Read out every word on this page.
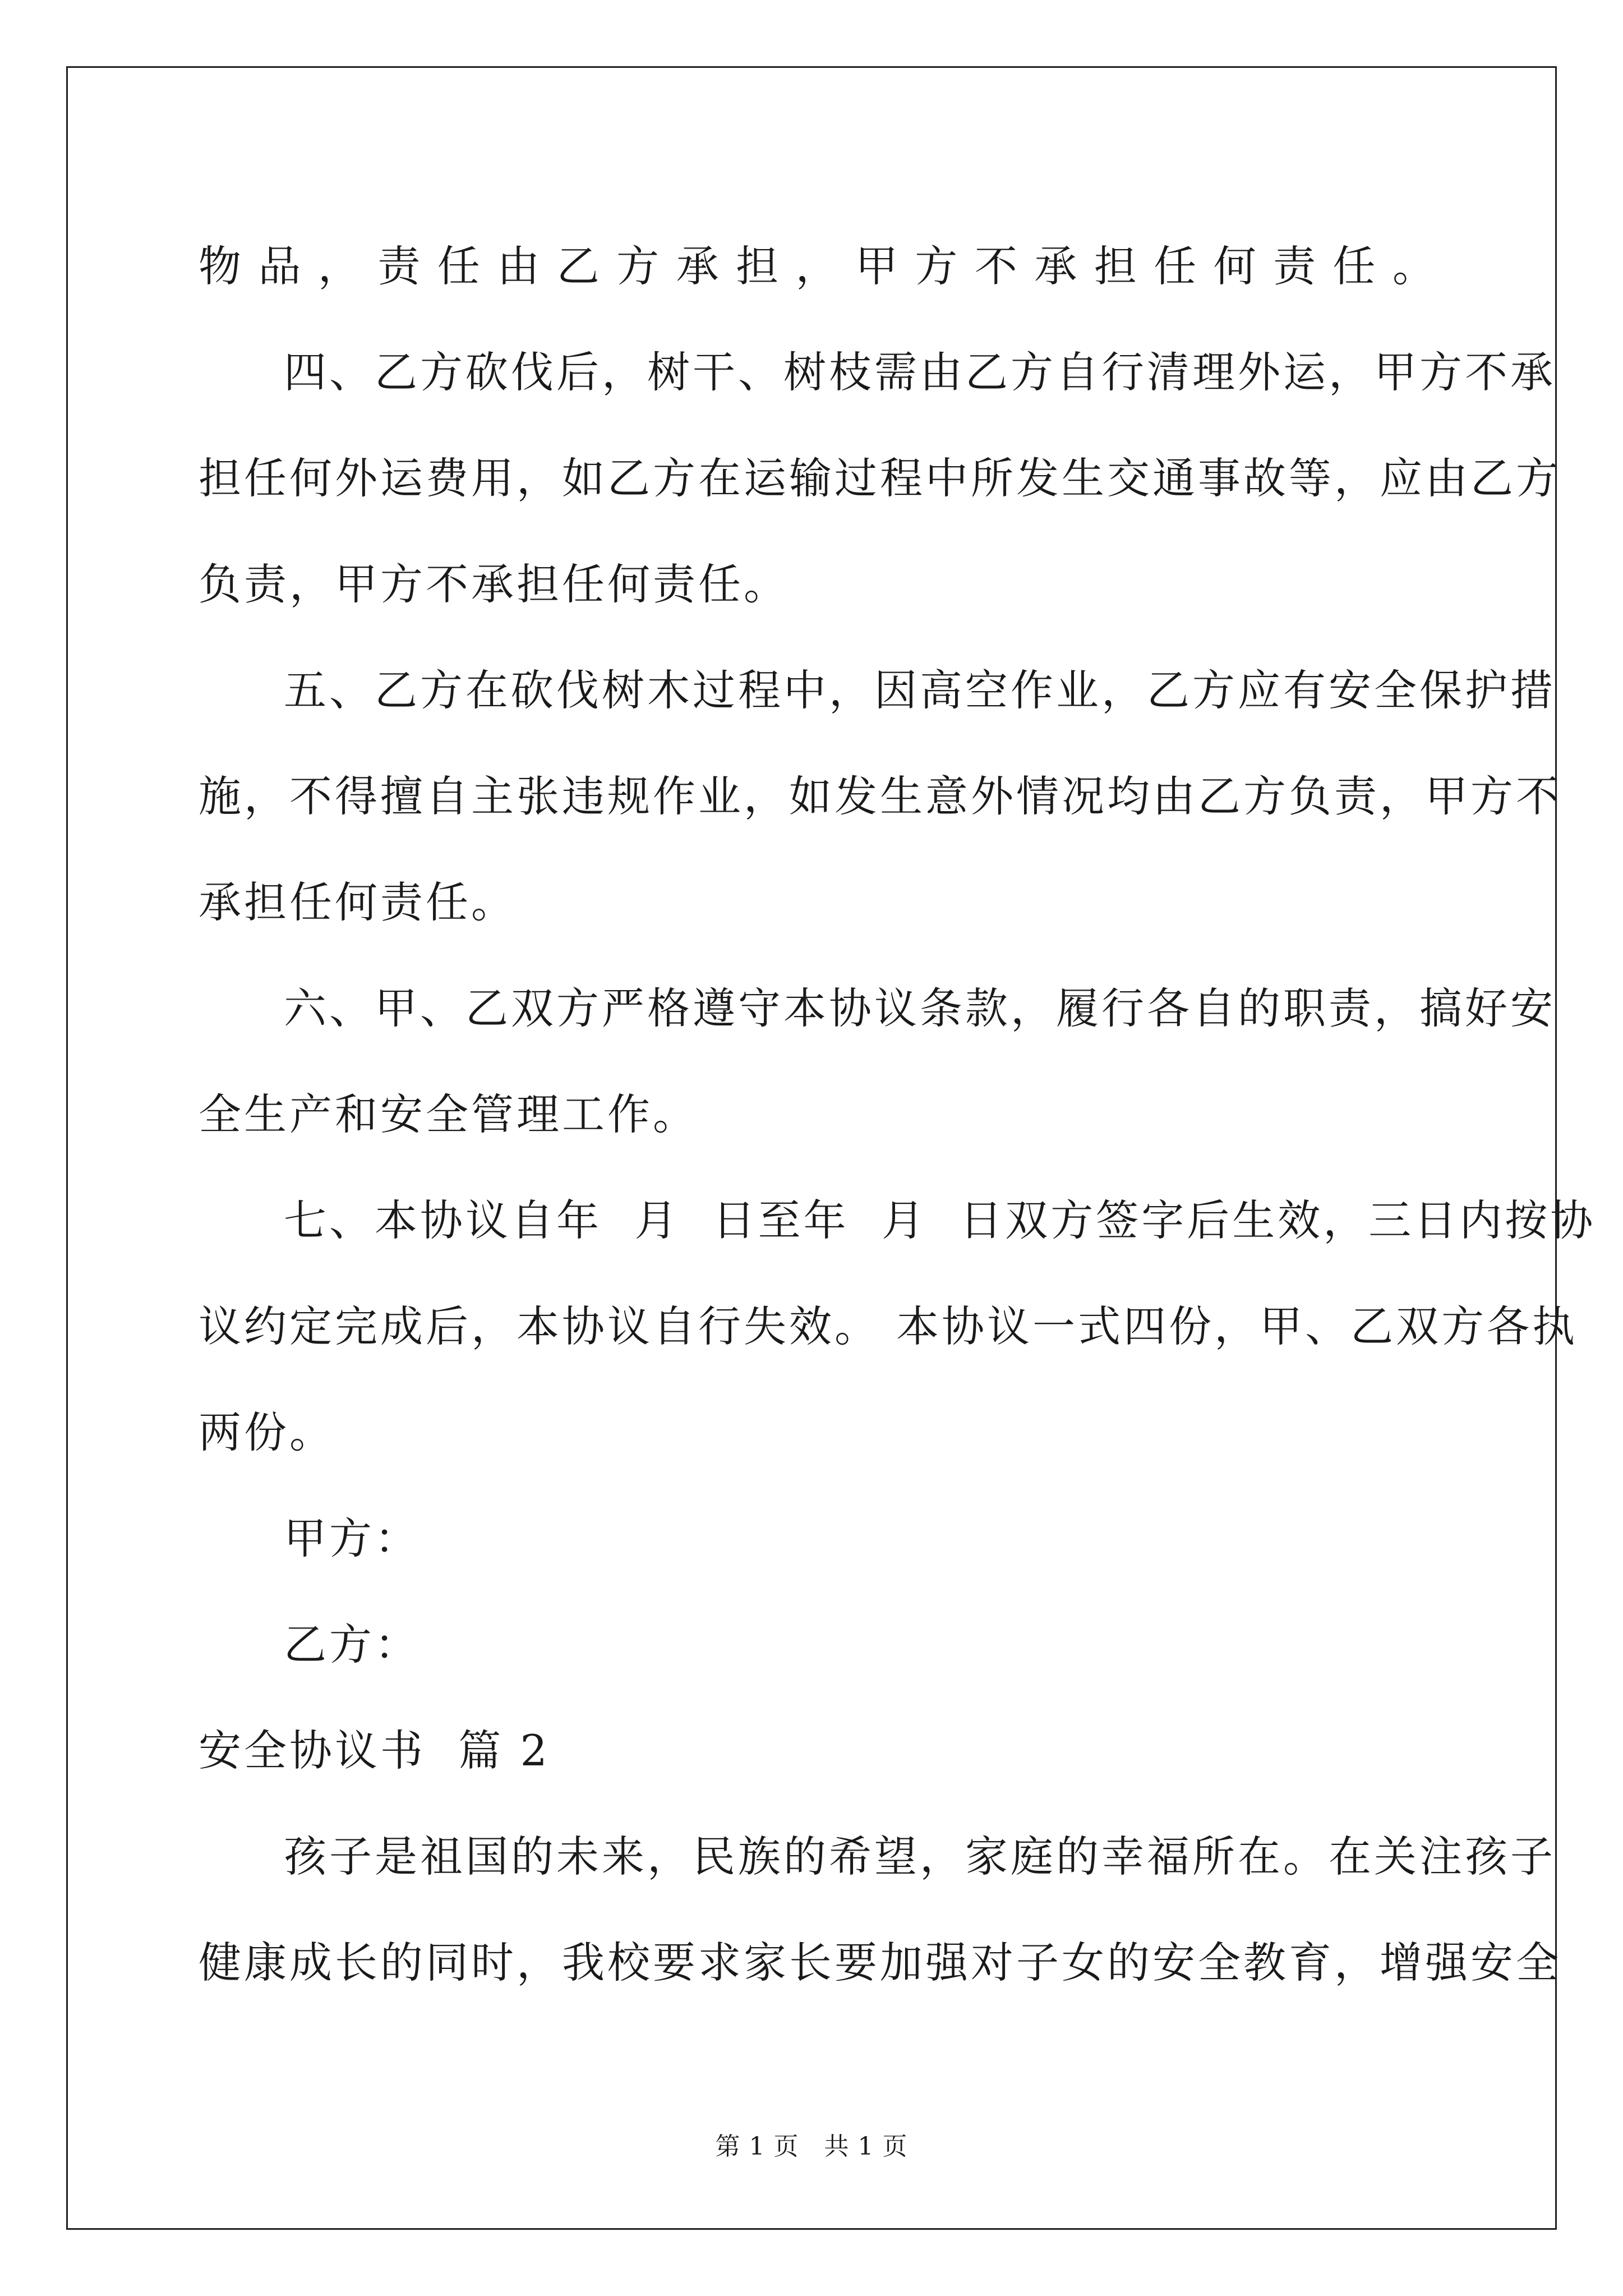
物品，责任由乙方承担，甲方不承担任何责任。
四、乙方砍伐后，树干、树枝需由乙方自行清理外运，甲方不承
担任何外运费用，如乙方在运输过程中所发生交通事故等，应由乙方
负责，甲方不承担任何责任。
五、乙方在砍伐树木过程中，因高空作业，乙方应有安全保护措
施，不得擅自主张违规作业，如发生意外情况均由乙方负责，甲方不
承担任何责任。
六、甲、乙双方严格遵守本协议条款，履行各自的职责，搞好安
全生产和安全管理工作。
七、本协议自年  月  日至年  月  日双方签字后生效，三日内按协
议约定完成后，本协议自行失效。 本协议一式四份，甲、乙双方各执
两份。
甲方：
乙方：
安全协议书  篇 2
孩子是祖国的未来，民族的希望，家庭的幸福所在。在关注孩子
健康成长的同时，我校要求家长要加强对子女的安全教育，增强安全
第 1 页   共 1 页
